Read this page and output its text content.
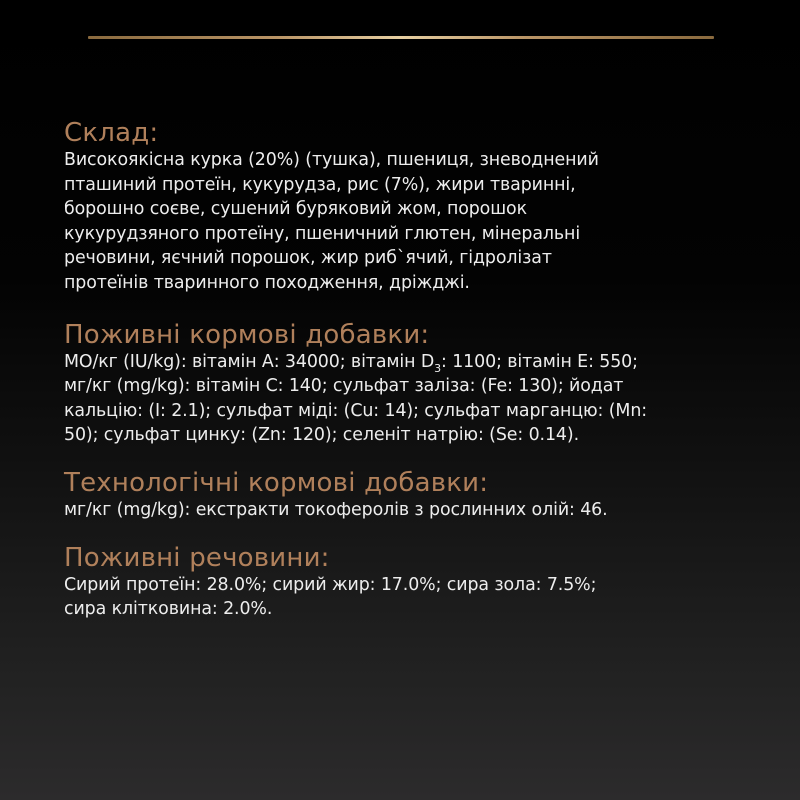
Склад:

Високоякісна курка (20%) (тушка), пшениця, зневоднений
пташиний протеїн, кукурудза, рис (7%), жири тваринні,
борошно соєве, сушений буряковий жом, порошок
кукурудзяного протеїну, пшеничний глютен, мінеральні
речовини, яєчний порошок, жир риб`ячий, гідролізат
протеїнів тваринного походження, дріжджі.

Поживні кормові добавки:

МО/кг (IU/kg): вітамін А: 34000; вітамін $D_3$: 1100; вітамін Е: 550;
мг/кг (mg/kg): вітамін С: 140; сульфат заліза: (Fe: 130); йодат
кальцію: (I: 2.1); сульфат міді: (Cu: 14); сульфат марганцю: (Mn:
50); сульфат цинку: (Zn: 120); селеніт натрію: (Se: 0.14).

Технологічні кормові добавки:

мг/кг (mg/kg): екстракти токоферолів з рослинних олій: 46.

Поживні речовини:

Сирий протеїн: 28.0%; сирий жир: 17.0%; сира зола: 7.5%;
сира клітковина: 2.0%.
